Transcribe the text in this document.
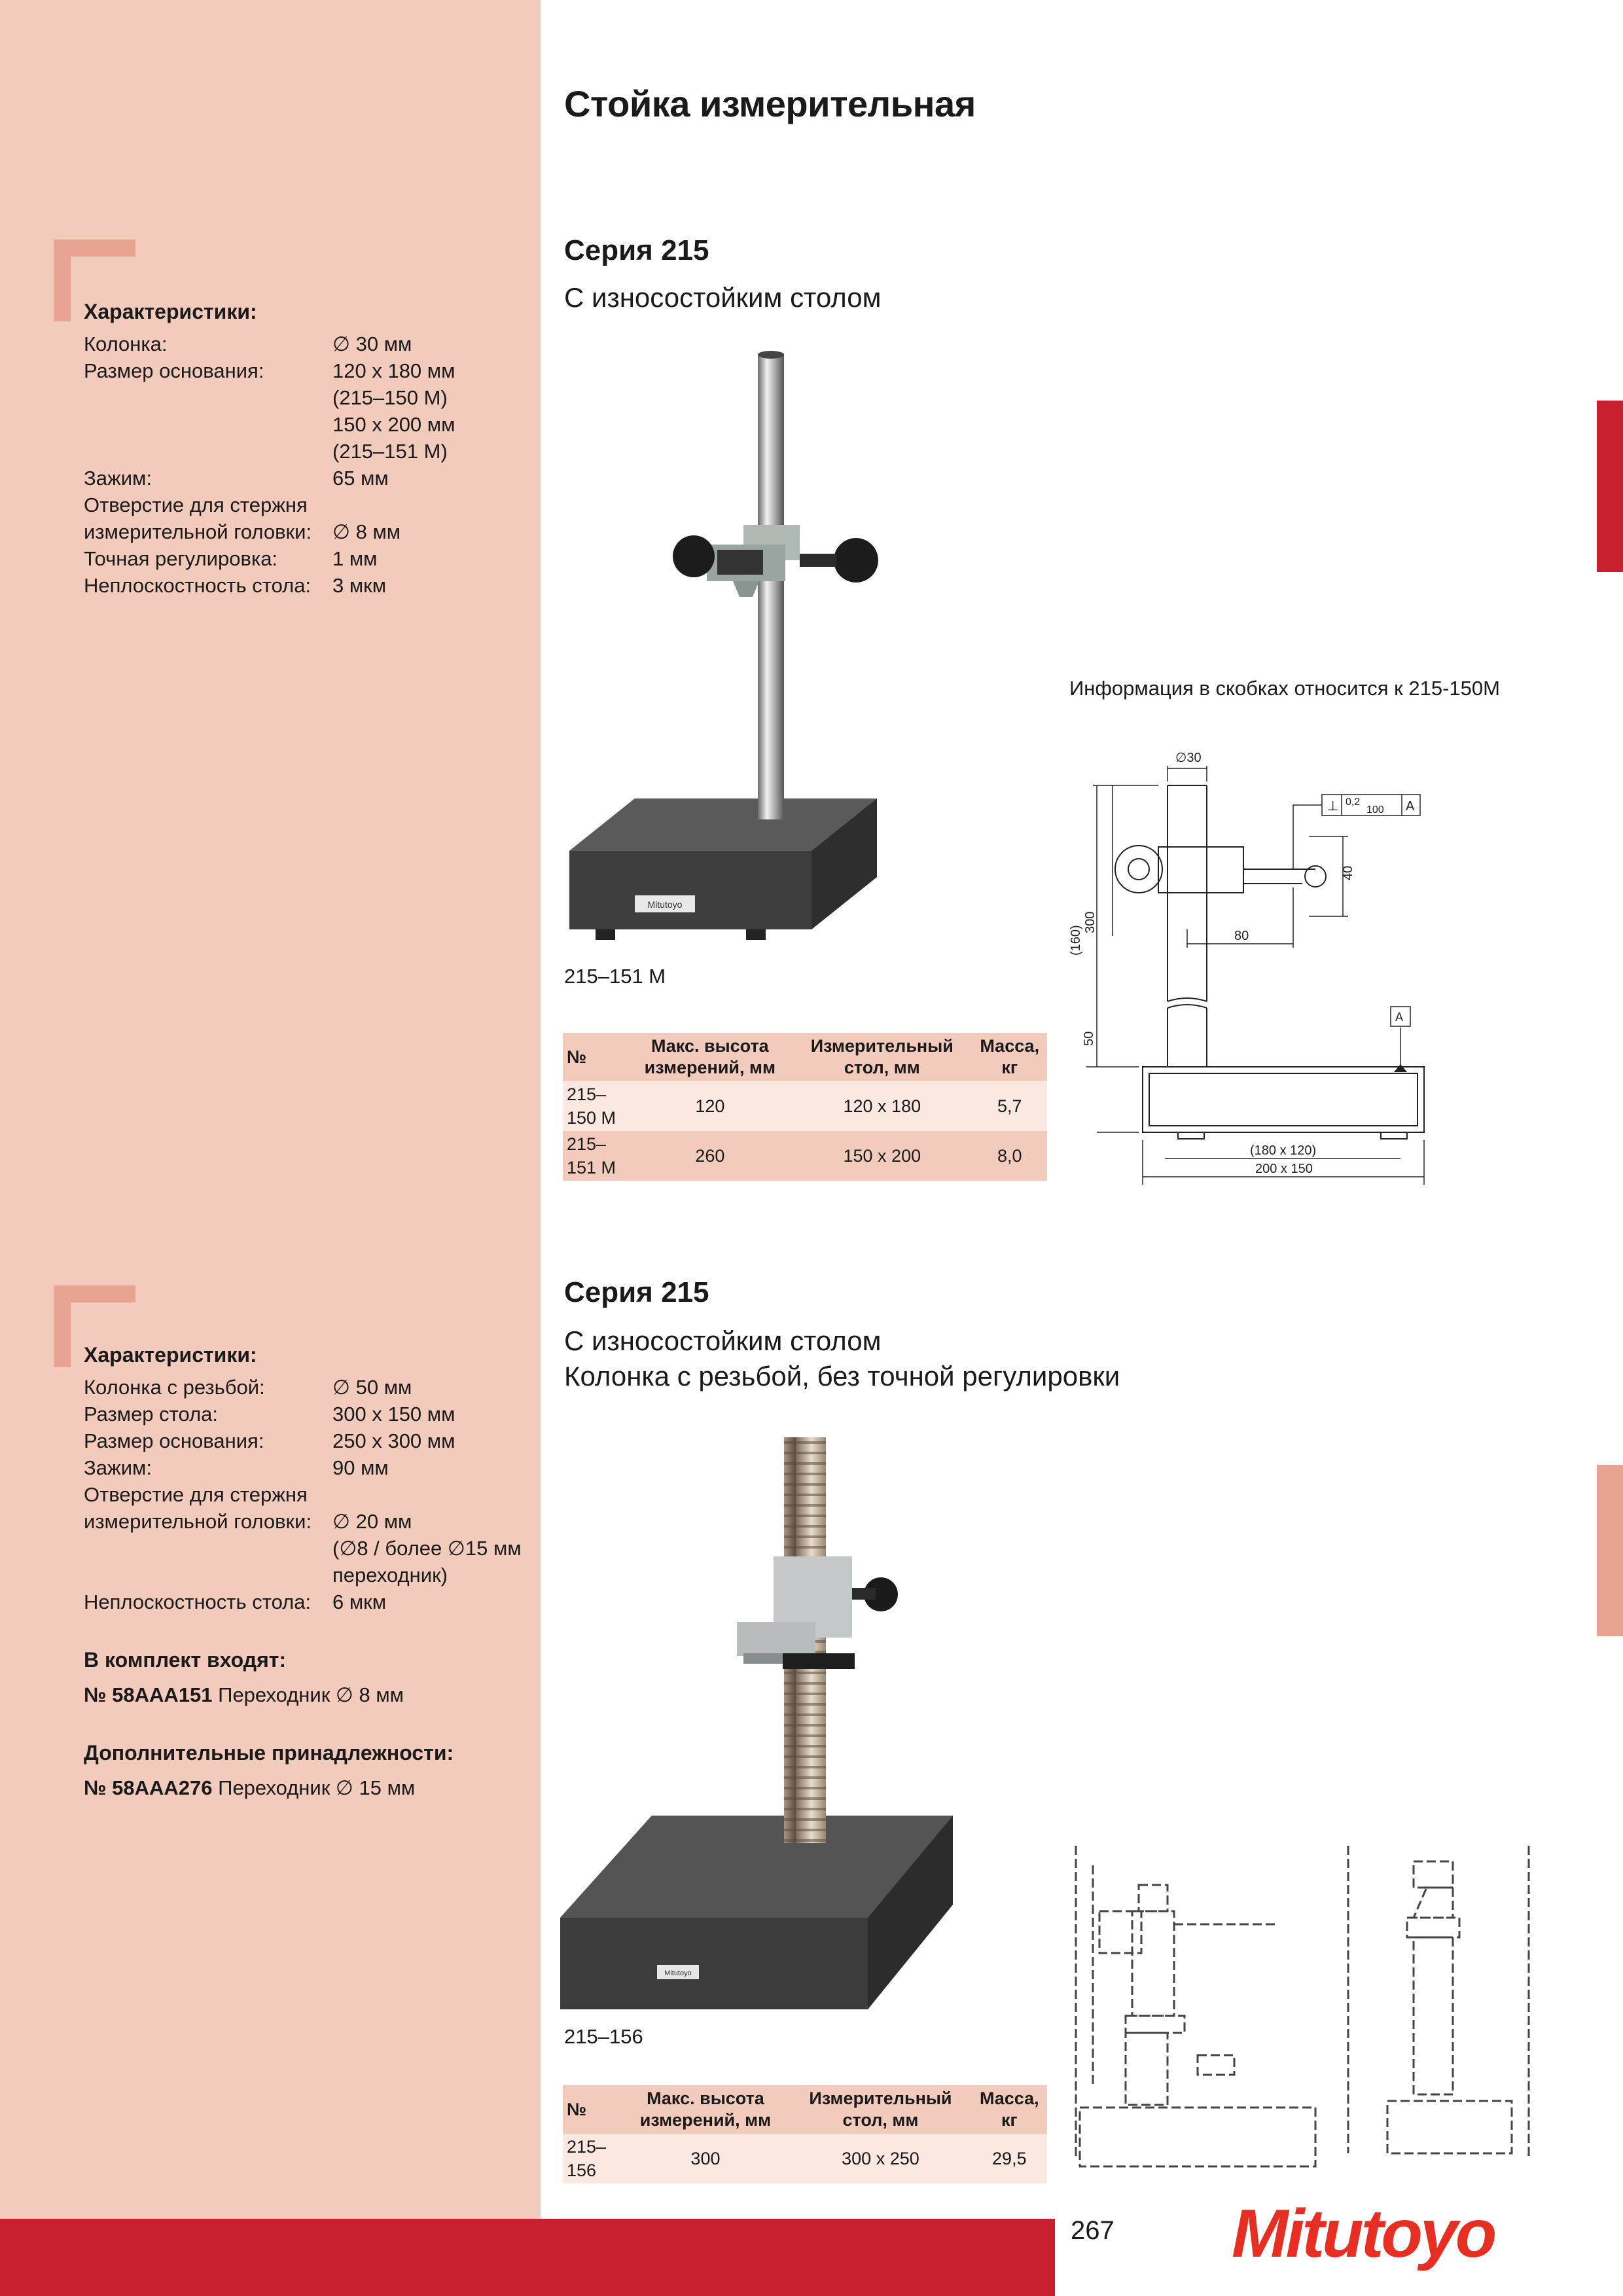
Стойка измерительная
Характеристики:
Колонка:	∅ 30 мм
Размер основания:	120 x 180 мм
(215–150 M)
150 x 200 мм
(215–151 M)
Зажим:	65 мм
Отверстие для стержня
измерительной головки:	∅ 8 мм
Точная регулировка:	1 мм
Неплоскостность стола:	3 мкм
Серия 215
С износостойким столом
Mitutoyo
215–151 M
№	Макс. высота измерений, мм	Измерительный стол, мм	Масса, кг
215–150 M	120	120 x 180	5,7
215–151 M	260	150 x 200	8,0
Информация в скобках относится к 215-150M
∅30
⊥ 0,2
100 A
A
80
40
(160)
300
50
(180 x 120)
200 x 150
Характеристики:
Колонка с резьбой:	∅ 50 мм
Размер стола:	300 x 150 мм
Размер основания:	250 x 300 мм
Зажим:	90 мм
Отверстие для стержня
измерительной головки:	∅ 20 мм
(∅8 / более ∅15 мм
переходник)
Неплоскостность стола:	6 мкм
В комплект входят:
№ 58AAA151 Переходник ∅ 8 мм
Дополнительные принадлежности:
№ 58AAA276 Переходник ∅ 15 мм
Серия 215
С износостойким столом
Колонка с резьбой, без точной регулировки
Mitutoyo
215–156
№	Макс. высота измерений, мм	Измерительный стол, мм	Масса, кг
215–156	300	300 x 250	29,5
267 Mitutoyo
